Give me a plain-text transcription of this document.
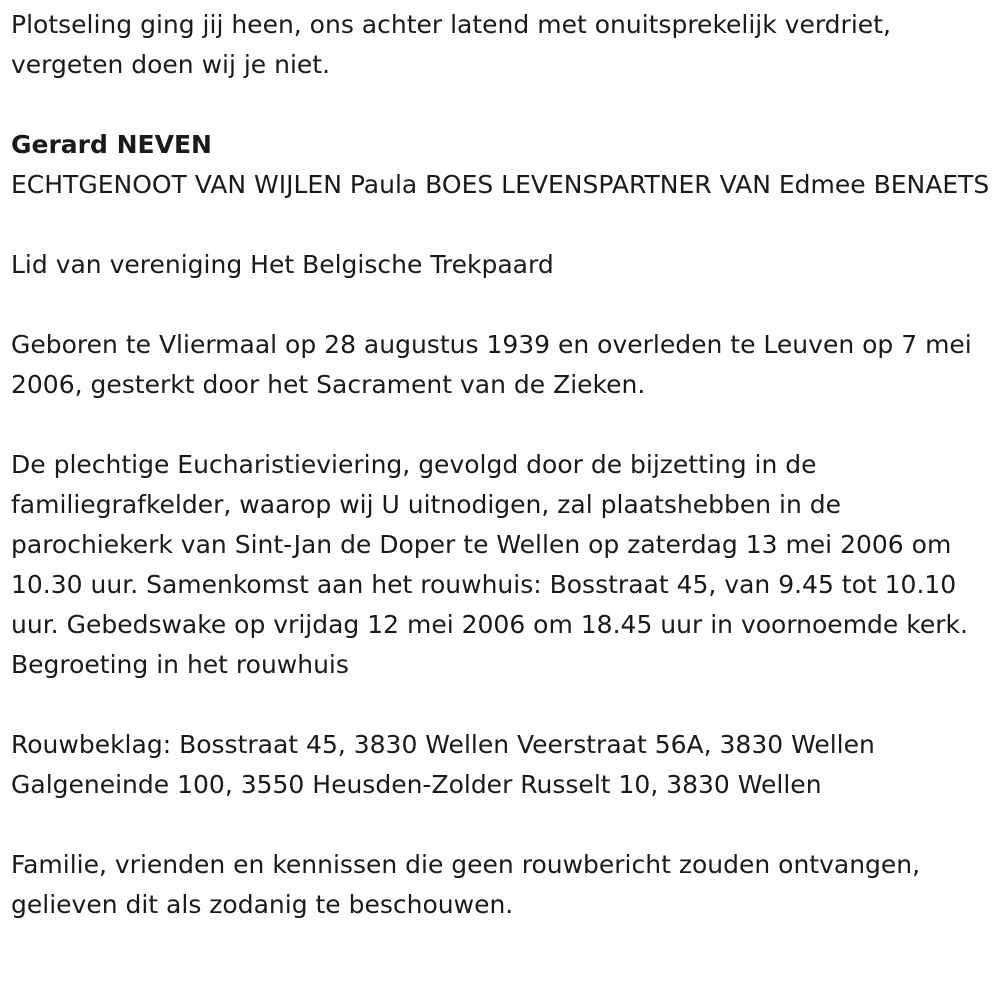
Plotseling ging jij heen, ons achter latend met onuitsprekelijk verdriet, vergeten doen wij je niet.

Gerard NEVEN

ECHTGENOOT VAN WIJLEN Paula BOES LEVENSPARTNER VAN Edmee BENAETS

Lid van vereniging Het Belgische Trekpaard

Geboren te Vliermaal op 28 augustus 1939 en overleden te Leuven op 7 mei 2006, gesterkt door het Sacrament van de Zieken.

De plechtige Eucharistieviering, gevolgd door de bijzetting in de familiegrafkelder, waarop wij U uitnodigen, zal plaatshebben in de parochiekerk van Sint-Jan de Doper te Wellen op zaterdag 13 mei 2006 om 10.30 uur. Samenkomst aan het rouwhuis: Bosstraat 45, van 9.45 tot 10.10 uur. Gebedswake op vrijdag 12 mei 2006 om 18.45 uur in voornoemde kerk. Begroeting in het rouwhuis

Rouwbeklag: Bosstraat 45, 3830 Wellen Veerstraat 56A, 3830 Wellen Galgeneinde 100, 3550 Heusden-Zolder Russelt 10, 3830 Wellen

Familie, vrienden en kennissen die geen rouwbericht zouden ontvangen, gelieven dit als zodanig te beschouwen.
